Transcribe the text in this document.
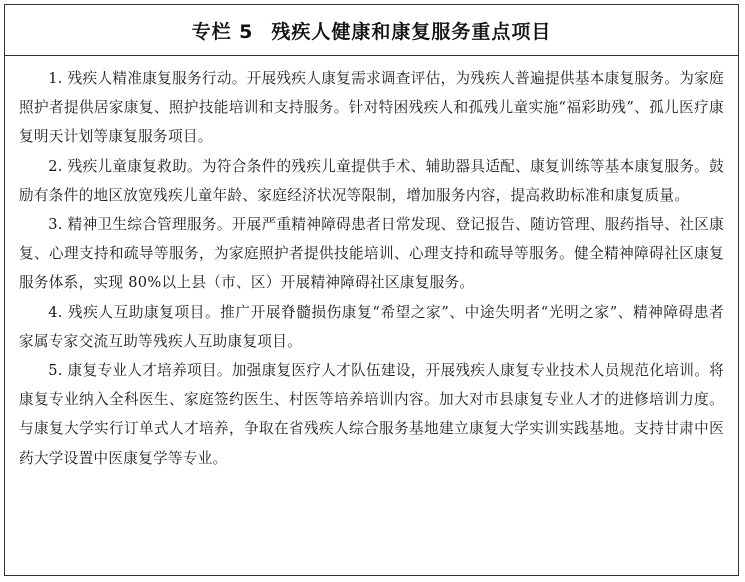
专栏 5 残疾人健康和康复服务重点项目

1. 残疾人精准康复服务行动。开展残疾人康复需求调查评估，为残疾人普遍提供基本康复服务。为家庭照护者提供居家康复、照护技能培训和支持服务。针对特困残疾人和孤残儿童实施“福彩助残”、孤儿医疗康复明天计划等康复服务项目。

2. 残疾儿童康复救助。为符合条件的残疾儿童提供手术、辅助器具适配、康复训练等基本康复服务。鼓励有条件的地区放宽残疾儿童年龄、家庭经济状况等限制，增加服务内容，提高救助标准和康复质量。

3. 精神卫生综合管理服务。开展严重精神障碍患者日常发现、登记报告、随访管理、服药指导、社区康复、心理支持和疏导等服务，为家庭照护者提供技能培训、心理支持和疏导等服务。健全精神障碍社区康复服务体系，实现 80%以上县（市、区）开展精神障碍社区康复服务。

4. 残疾人互助康复项目。推广开展脊髓损伤康复“希望之家”、中途失明者“光明之家”、精神障碍患者家属专家交流互助等残疾人互助康复项目。

5. 康复专业人才培养项目。加强康复医疗人才队伍建设，开展残疾人康复专业技术人员规范化培训。将康复专业纳入全科医生、家庭签约医生、村医等培养培训内容。加大对市县康复专业人才的进修培训力度。与康复大学实行订单式人才培养，争取在省残疾人综合服务基地建立康复大学实训实践基地。支持甘肃中医药大学设置中医康复学等专业。
